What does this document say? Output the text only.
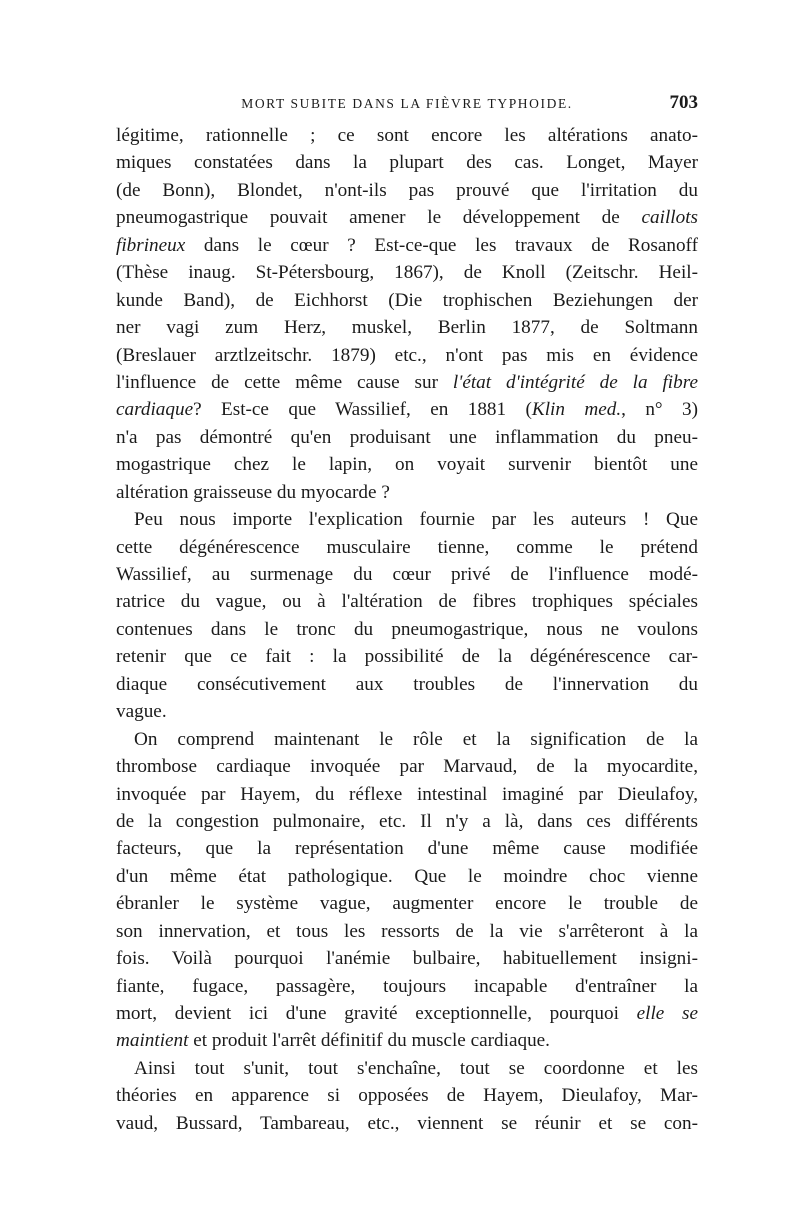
MORT SUBITE DANS LA FIÈVRE TYPHOIDE.	703
légitime, rationnelle ; ce sont encore les altérations anato-
miques constatées dans la plupart des cas. Longet, Mayer
(de Bonn), Blondet, n'ont-ils pas prouvé que l'irritation du
pneumogastrique pouvait amener le développement de caillots
fibrineux dans le cœur ? Est-ce-que les travaux de Rosanoff
(Thèse inaug. St-Pétersbourg, 1867), de Knoll (Zeitschr. Heil-
kunde Band), de Eichhorst (Die trophischen Beziehungen der
ner vagi zum Herz, muskel, Berlin 1877, de Soltmann
(Breslauer arztlzeitschr. 1879) etc., n'ont pas mis en évidence
l'influence de cette même cause sur l'état d'intégrité de la fibre
cardiaque? Est-ce que Wassilief, en 1881 (Klin med., n° 3)
n'a pas démontré qu'en produisant une inflammation du pneu-
mogastrique chez le lapin, on voyait survenir bientôt une
altération graisseuse du myocarde ?
Peu nous importe l'explication fournie par les auteurs ! Que
cette dégénérescence musculaire tienne, comme le prétend
Wassilief, au surmenage du cœur privé de l'influence modé-
ratrice du vague, ou à l'altération de fibres trophiques spéciales
contenues dans le tronc du pneumogastrique, nous ne voulons
retenir que ce fait : la possibilité de la dégénérescence car-
diaque consécutivement aux troubles de l'innervation du
vague.
On comprend maintenant le rôle et la signification de la
thrombose cardiaque invoquée par Marvaud, de la myocardite,
invoquée par Hayem, du réflexe intestinal imaginé par Dieulafoy,
de la congestion pulmonaire, etc. Il n'y a là, dans ces différents
facteurs, que la représentation d'une même cause modifiée
d'un même état pathologique. Que le moindre choc vienne
ébranler le système vague, augmenter encore le trouble de
son innervation, et tous les ressorts de la vie s'arrêteront à la
fois. Voilà pourquoi l'anémie bulbaire, habituellement insigni-
fiante, fugace, passagère, toujours incapable d'entraîner la
mort, devient ici d'une gravité exceptionnelle, pourquoi elle se
maintient et produit l'arrêt définitif du muscle cardiaque.
Ainsi tout s'unit, tout s'enchaîne, tout se coordonne et les
théories en apparence si opposées de Hayem, Dieulafoy, Mar-
vaud, Bussard, Tambareau, etc., viennent se réunir et se con-
